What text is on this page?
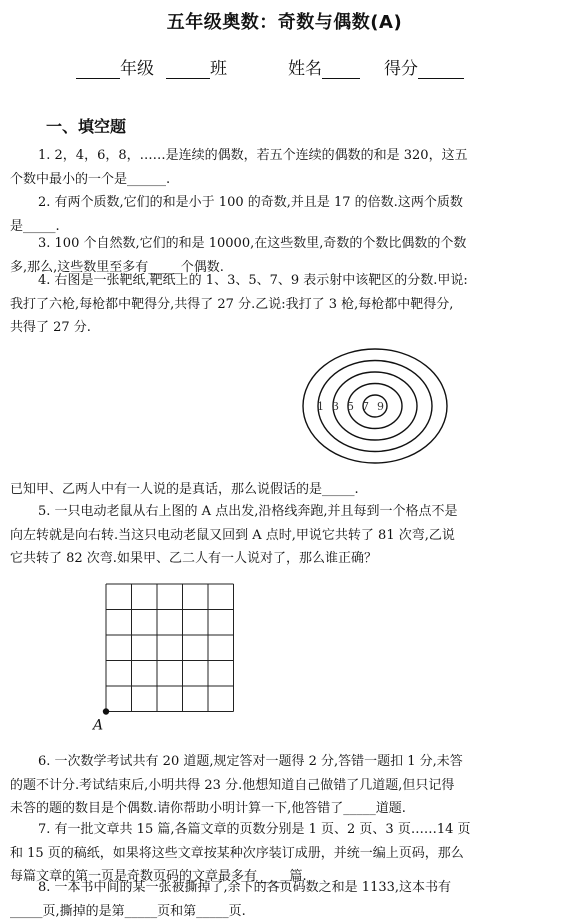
五年级奥数：奇数与偶数(A)
年级	班	姓名	得分
一、填空题
1. 2，4，6，8，……是连续的偶数，若五个连续的偶数的和是 320，这五
个数中最小的一个是______.
2. 有两个质数,它们的和是小于 100 的奇数,并且是 17 的倍数.这两个质数
是_____.
3. 100 个自然数,它们的和是 10000,在这些数里,奇数的个数比偶数的个数
多,那么,这些数里至多有_____个偶数.
4. 右图是一张靶纸,靶纸上的 1、3、5、7、9 表示射中该靶区的分数.甲说:
我打了六枪,每枪都中靶得分,共得了 27 分.乙说:我打了 3 枪,每枪都中靶得分,
共得了 27 分.
1 3 5 7 9
已知甲、乙两人中有一人说的是真话，那么说假话的是_____.
5. 一只电动老鼠从右上图的 A 点出发,沿格线奔跑,并且每到一个格点不是
向左转就是向右转.当这只电动老鼠又回到 A 点时,甲说它共转了 81 次弯,乙说
它共转了 82 次弯.如果甲、乙二人有一人说对了，那么谁正确？
A
6. 一次数学考试共有 20 道题,规定答对一题得 2 分,答错一题扣 1 分,未答
的题不计分.考试结束后,小明共得 23 分.他想知道自己做错了几道题,但只记得
未答的题的数目是个偶数.请你帮助小明计算一下,他答错了_____道题.
7. 有一批文章共 15 篇,各篇文章的页数分别是 1 页、2 页、3 页……14 页
和 15 页的稿纸，如果将这些文章按某种次序装订成册，并统一编上页码，那么
每篇文章的第一页是奇数页码的文章最多有_____篇.
8. 一本书中间的某一张被撕掉了,余下的各页码数之和是 1133,这本书有
_____页,撕掉的是第_____页和第_____页.
